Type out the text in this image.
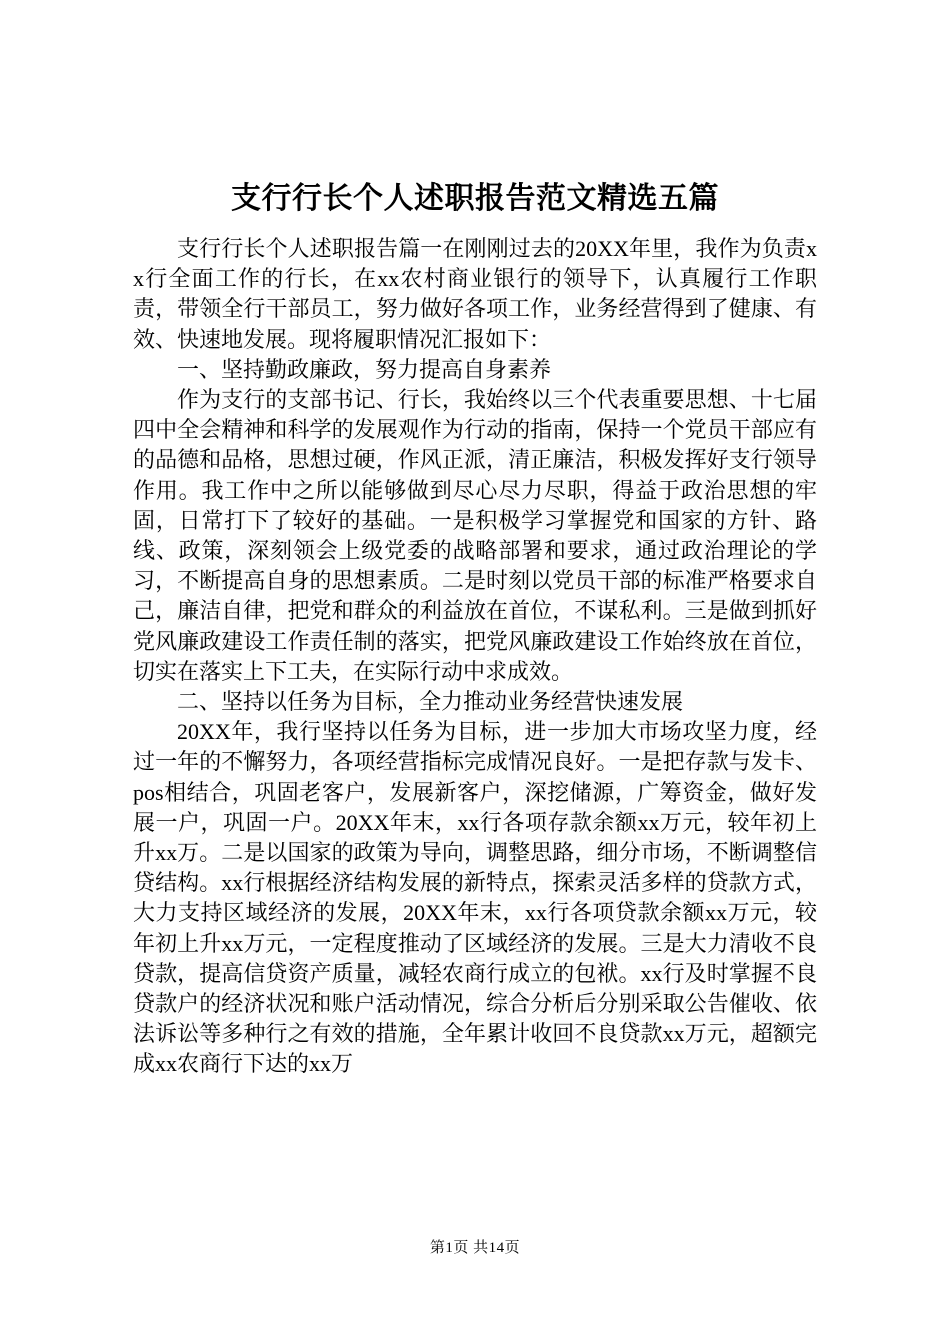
支行行长个人述职报告范文精选五篇

支行行长个人述职报告篇一在刚刚过去的20XX年里，我作为负责xx行全面工作的行长，在xx农村商业银行的领导下，认真履行工作职责，带领全行干部员工，努力做好各项工作，业务经营得到了健康、有效、快速地发展。现将履职情况汇报如下：

一、坚持勤政廉政，努力提高自身素养

作为支行的支部书记、行长，我始终以三个代表重要思想、十七届四中全会精神和科学的发展观作为行动的指南，保持一个党员干部应有的品德和品格，思想过硬，作风正派，清正廉洁，积极发挥好支行领导作用。我工作中之所以能够做到尽心尽力尽职，得益于政治思想的牢固，日常打下了较好的基础。一是积极学习掌握党和国家的方针、路线、政策，深刻领会上级党委的战略部署和要求，通过政治理论的学习，不断提高自身的思想素质。二是时刻以党员干部的标准严格要求自己，廉洁自律，把党和群众的利益放在首位，不谋私利。三是做到抓好党风廉政建设工作责任制的落实，把党风廉政建设工作始终放在首位，切实在落实上下工夫，在实际行动中求成效。

二、坚持以任务为目标，全力推动业务经营快速发展

20XX年，我行坚持以任务为目标，进一步加大市场攻坚力度，经过一年的不懈努力，各项经营指标完成情况良好。一是把存款与发卡、pos相结合，巩固老客户，发展新客户，深挖储源，广筹资金，做好发展一户，巩固一户。20XX年末，xx行各项存款余额xx万元，较年初上升xx万。二是以国家的政策为导向，调整思路，细分市场，不断调整信贷结构。xx行根据经济结构发展的新特点，探索灵活多样的贷款方式，大力支持区域经济的发展，20XX年末，xx行各项贷款余额xx万元，较年初上升xx万元，一定程度推动了区域经济的发展。三是大力清收不良贷款，提高信贷资产质量，减轻农商行成立的包袱。xx行及时掌握不良贷款户的经济状况和账户活动情况，综合分析后分别采取公告催收、依法诉讼等多种行之有效的措施，全年累计收回不良贷款xx万元，超额完成xx农商行下达的xx万

第1页 共14页
